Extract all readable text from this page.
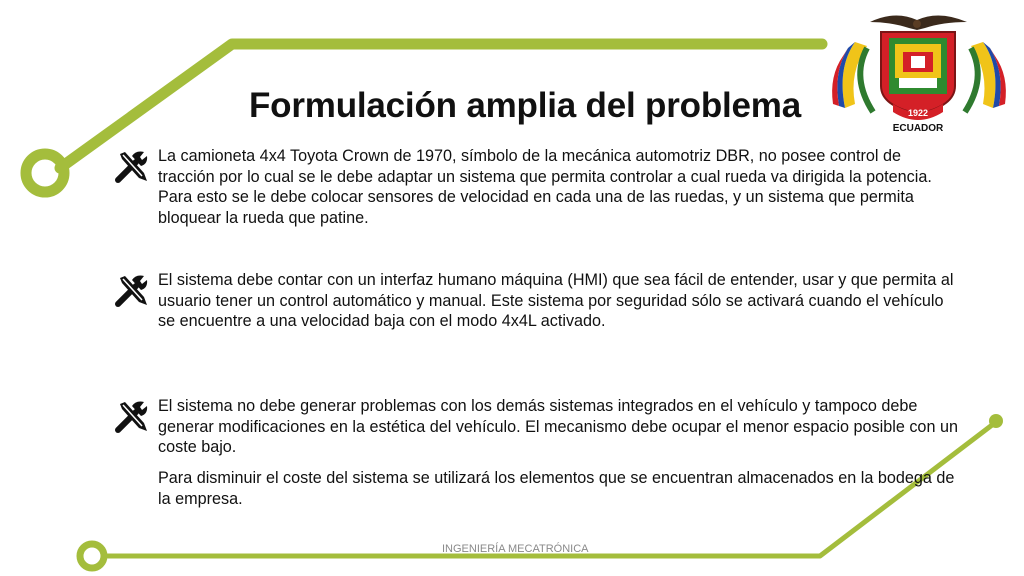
1922
ECUADOR
Formulación amplia del problema

La camioneta 4x4 Toyota Crown de 1970, símbolo de la mecánica automotriz DBR, no posee control de tracción por lo cual se le debe adaptar un sistema que permita controlar a cual rueda va dirigida la potencia. Para esto se le debe colocar sensores de velocidad en cada una de las ruedas, y un sistema que permita bloquear la rueda que patine.

El sistema debe contar con un interfaz humano máquina (HMI) que sea fácil de entender, usar y que permita al usuario tener un control automático y manual. Este sistema por seguridad sólo se activará cuando el vehículo se encuentre a una velocidad baja con el modo 4x4L activado.

El sistema no debe generar problemas con los demás sistemas integrados en el vehículo y tampoco debe generar modificaciones en la estética del vehículo. El mecanismo debe ocupar el menor espacio posible con un coste bajo.

Para disminuir el coste del sistema se utilizará los elementos que se encuentran almacenados en la bodega de la empresa.

INGENIERÍA MECATRÓNICA
